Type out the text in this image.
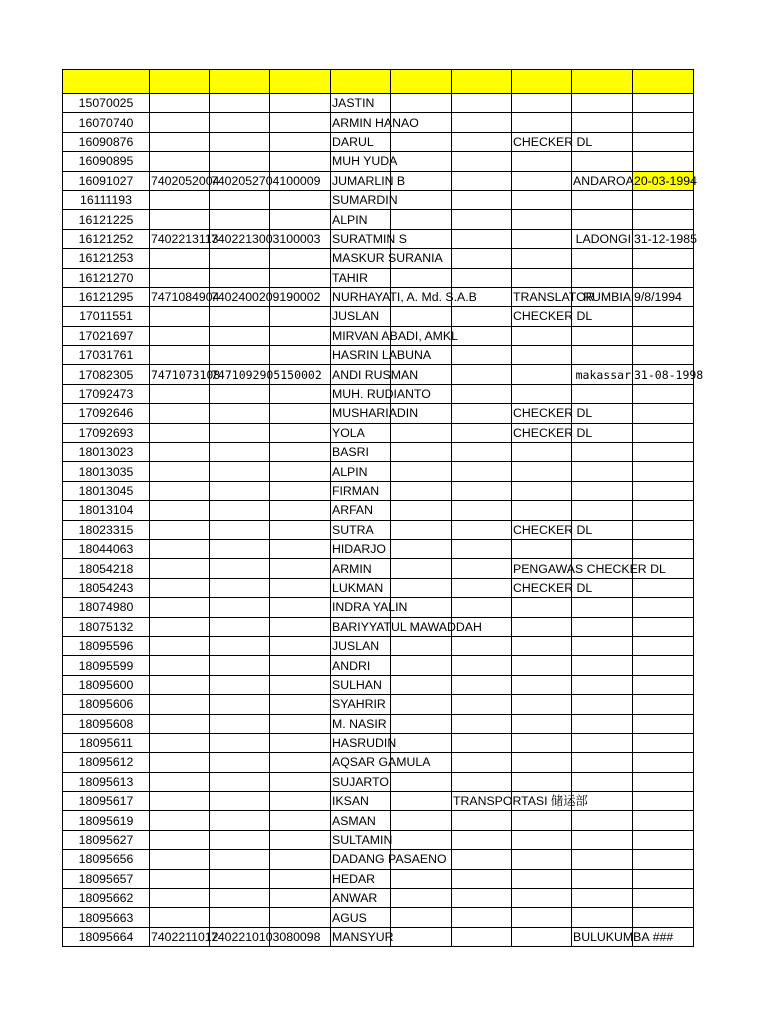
15070025				JASTIN					
16070740				ARMIN HANAO					
16090876				DARUL			CHECKER DL		
16090895				MUH YUDA					
16091027	7402052004	7402052704100009		JUMARLIN B				ANDAROA	20-03-1994
16111193				SUMARDIN					
16121225				ALPIN					
16121252	7402213113	7402213003100003		SURATMIN S				LADONGI	31-12-1985
16121253				MASKUR SURANIA					
16121270				TAHIR					
16121295	7471084904	7402400209190002		NURHAYATI, A. Md. S.A.B			TRANSLATOR	RUMBIA	9/8/1994
17011551				JUSLAN			CHECKER DL		
17021697				MIRVAN ABADI, AMKL					
17031761				HASRIN LABUNA					
17082305	7471073108	7471092905150002		ANDI RUSMAN				makassar	31-08-1998
17092473				MUH. RUDIANTO					
17092646				MUSHARIADIN			CHECKER DL		
17092693				YOLA			CHECKER DL		
18013023				BASRI					
18013035				ALPIN					
18013045				FIRMAN					
18013104				ARFAN					
18023315				SUTRA			CHECKER DL		
18044063				HIDARJO					
18054218				ARMIN			PENGAWAS CHECKER DL		
18054243				LUKMAN			CHECKER DL		
18074980				INDRA YALIN					
18075132				BARIYYATUL MAWADDAH					
18095596				JUSLAN					
18095599				ANDRI					
18095600				SULHAN					
18095606				SYAHRIR					
18095608				M. NASIR					
18095611				HASRUDIN					
18095612				AQSAR GAMULA					
18095613				SUJARTO					
18095617				IKSAN		TRANSPORTASI 储运部			
18095619				ASMAN					
18095627				SULTAMIN					
18095656				DADANG PASAENO					
18095657				HEDAR					
18095662				ANWAR					
18095663				AGUS					
18095664	7402211012	7402210103080098		MANSYUR				BULUKUMBA	###
